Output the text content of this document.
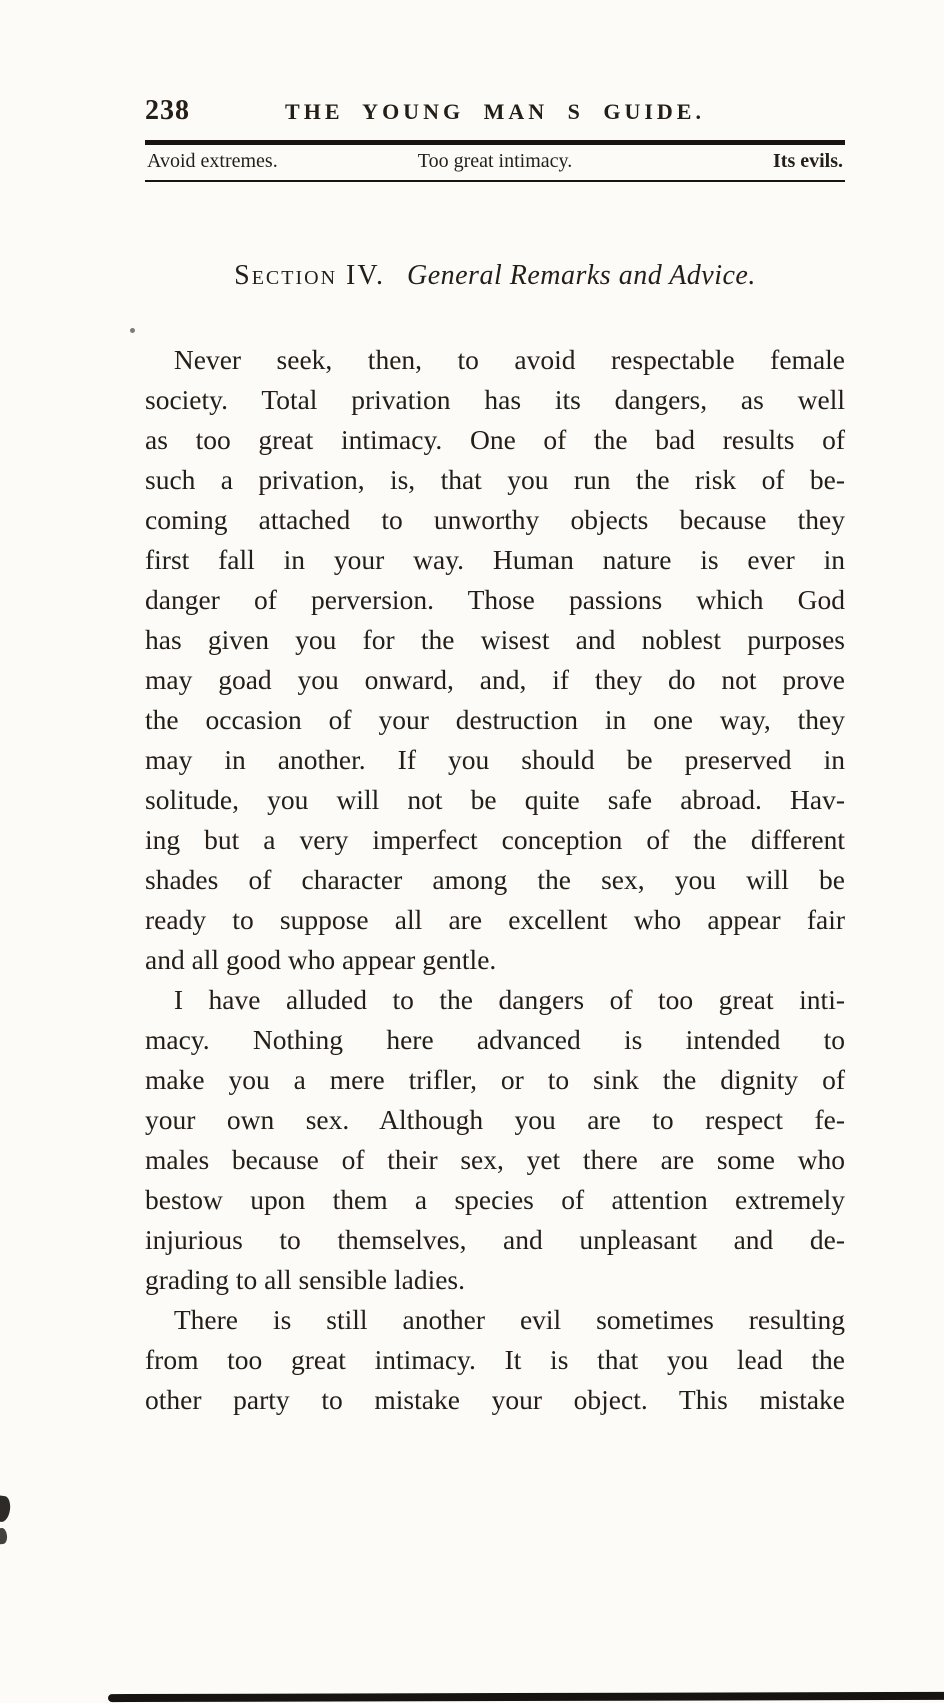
238	THE YOUNG MAN S GUIDE.
Avoid extremes.	Too great intimacy.	Its evils.
Section IV. General Remarks and Advice.
Never seek, then, to avoid respectable female
society. Total privation has its dangers, as well
as too great intimacy. One of the bad results of
such a privation, is, that you run the risk of be-
coming attached to unworthy objects because they
first fall in your way. Human nature is ever in
danger of perversion. Those passions which God
has given you for the wisest and noblest purposes
may goad you onward, and, if they do not prove
the occasion of your destruction in one way, they
may in another. If you should be preserved in
solitude, you will not be quite safe abroad. Hav-
ing but a very imperfect conception of the different
shades of character among the sex, you will be
ready to suppose all are excellent who appear fair
and all good who appear gentle.
I have alluded to the dangers of too great inti-
macy. Nothing here advanced is intended to
make you a mere trifler, or to sink the dignity of
your own sex. Although you are to respect fe-
males because of their sex, yet there are some who
bestow upon them a species of attention extremely
injurious to themselves, and unpleasant and de-
grading to all sensible ladies.
There is still another evil sometimes resulting
from too great intimacy. It is that you lead the
other party to mistake your object. This mistake
